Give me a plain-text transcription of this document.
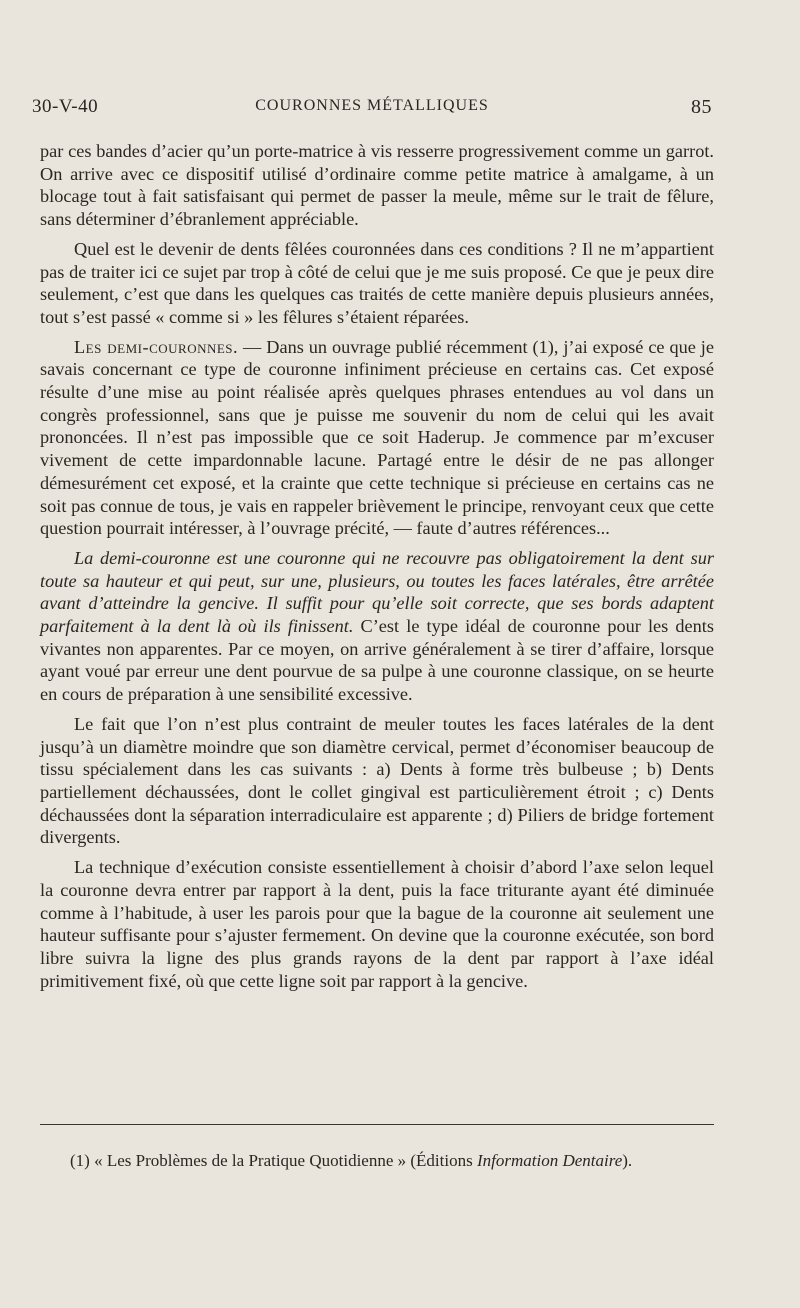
30-V-40	COURONNES MÉTALLIQUES	85

par ces bandes d’acier qu’un porte-matrice à vis resserre progressivement comme un garrot. On arrive avec ce dispositif utilisé d’ordinaire comme petite matrice à amalgame, à un blocage tout à fait satisfaisant qui permet de passer la meule, même sur le trait de fêlure, sans déterminer d’ébranlement appréciable.

Quel est le devenir de dents fêlées couronnées dans ces conditions ? Il ne m’appartient pas de traiter ici ce sujet par trop à côté de celui que je me suis proposé. Ce que je peux dire seulement, c’est que dans les quelques cas traités de cette manière depuis plusieurs années, tout s’est passé « comme si » les fêlures s’étaient réparées.

Les demi-couronnes. — Dans un ouvrage publié récemment (1), j’ai exposé ce que je savais concernant ce type de couronne infiniment précieuse en certains cas. Cet exposé résulte d’une mise au point réalisée après quelques phrases entendues au vol dans un congrès professionnel, sans que je puisse me souvenir du nom de celui qui les avait prononcées. Il n’est pas impossible que ce soit Haderup. Je commence par m’excuser vivement de cette impardonnable lacune. Partagé entre le désir de ne pas allonger démesurément cet exposé, et la crainte que cette technique si précieuse en certains cas ne soit pas connue de tous, je vais en rappeler brièvement le principe, renvoyant ceux que cette question pourrait intéresser, à l’ouvrage précité, — faute d’autres références...

La demi-couronne est une couronne qui ne recouvre pas obligatoirement la dent sur toute sa hauteur et qui peut, sur une, plusieurs, ou toutes les faces latérales, être arrêtée avant d’atteindre la gencive. Il suffit pour qu’elle soit correcte, que ses bords adaptent parfaitement à la dent là où ils finissent. C’est le type idéal de couronne pour les dents vivantes non apparentes. Par ce moyen, on arrive généralement à se tirer d’affaire, lorsque ayant voué par erreur une dent pourvue de sa pulpe à une couronne classique, on se heurte en cours de préparation à une sensibilité excessive.

Le fait que l’on n’est plus contraint de meuler toutes les faces latérales de la dent jusqu’à un diamètre moindre que son diamètre cervical, permet d’économiser beaucoup de tissu spécialement dans les cas suivants : a) Dents à forme très bulbeuse ; b) Dents partiellement déchaussées, dont le collet gingival est particulièrement étroit ; c) Dents déchaussées dont la séparation interradiculaire est apparente ; d) Piliers de bridge fortement divergents.

La technique d’exécution consiste essentiellement à choisir d’abord l’axe selon lequel la couronne devra entrer par rapport à la dent, puis la face triturante ayant été diminuée comme à l’habitude, à user les parois pour que la bague de la couronne ait seulement une hauteur suffisante pour s’ajuster fermement. On devine que la couronne exécutée, son bord libre suivra la ligne des plus grands rayons de la dent par rapport à l’axe idéal primitivement fixé, où que cette ligne soit par rapport à la gencive.

(1) « Les Problèmes de la Pratique Quotidienne » (Éditions Information Dentaire).
